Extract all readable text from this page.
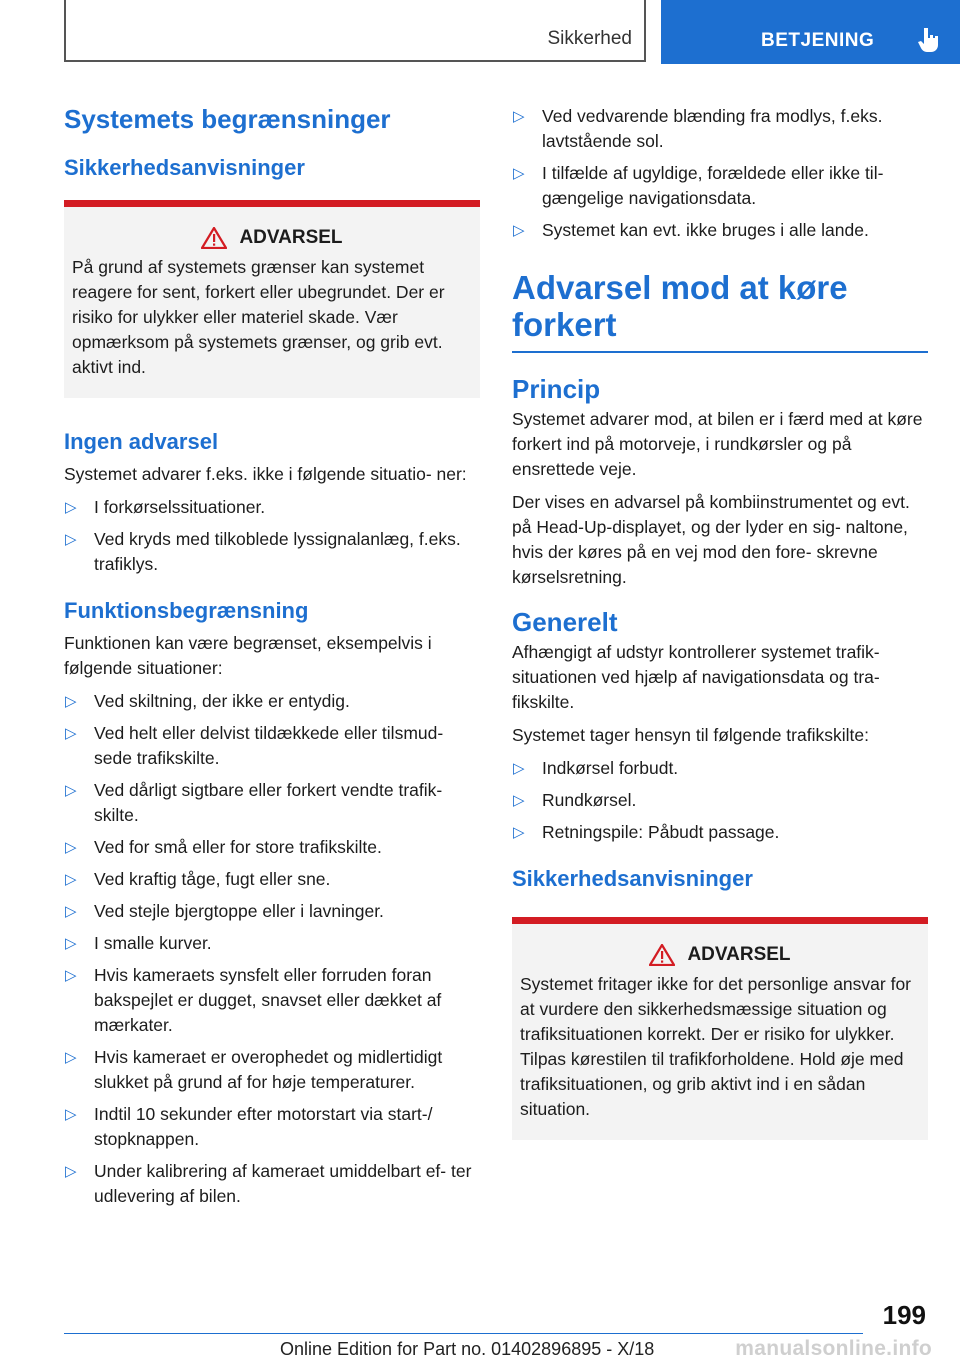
Sikkerhed	BETJENING
Systemets begrænsninger
Sikkerhedsanvisninger
ADVARSEL

På grund af systemets grænser kan systemet reagere for sent, forkert eller ubegrundet. Der er risiko for ulykker eller materiel skade. Vær opmærksom på systemets grænser, og grib evt. aktivt ind.

Ingen advarsel

Systemet advarer f.eks. ikke i følgende situatio‐ ner:

▷ I forkørselssituationer.
▷ Ved kryds med tilkoblede lyssignalanlæg, f.eks. trafiklys.
Funktionsbegrænsning

Funktionen kan være begrænset, eksempelvis i følgende situationer:

▷ Ved skiltning, der ikke er entydig.
▷ Ved helt eller delvist tildækkede eller tilsmud‐ sede trafikskilte.
▷ Ved dårligt sigtbare eller forkert vendte trafik‐ skilte.
▷ Ved for små eller for store trafikskilte.
▷ Ved kraftig tåge, fugt eller sne.
▷ Ved stejle bjergtoppe eller i lavninger.
▷ I smalle kurver.
▷ Hvis kameraets synsfelt eller forruden foran bakspejlet er dugget, snavset eller dækket af mærkater.
▷ Hvis kameraet er overophedet og midlertidigt slukket på grund af for høje temperaturer.
▷ Indtil 10 sekunder efter motorstart via start-/ stopknappen.
▷ Under kalibrering af kameraet umiddelbart ef‐ ter udlevering af bilen.
▷ Ved vedvarende blænding fra modlys, f.eks. lavtstående sol.
▷ I tilfælde af ugyldige, forældede eller ikke til‐ gængelige navigationsdata.
▷ Systemet kan evt. ikke bruges i alle lande.
Advarsel mod at køre forkert
Princip

Systemet advarer mod, at bilen er i færd med at køre forkert ind på motorveje, i rundkørsler og på ensrettede veje.

Der vises en advarsel på kombiinstrumentet og evt. på Head-Up-displayet, og der lyder en sig‐ naltone, hvis der køres på en vej mod den fore‐ skrevne kørselsretning.

Generelt

Afhængigt af udstyr kontrollerer systemet trafik‐ situationen ved hjælp af navigationsdata og tra‐ fikskilte.

Systemet tager hensyn til følgende trafikskilte:

▷ Indkørsel forbudt.
▷ Rundkørsel.
▷ Retningspile: Påbudt passage.
Sikkerhedsanvisninger
ADVARSEL

Systemet fritager ikke for det personlige ansvar for at vurdere den sikkerhedsmæssige situation og trafiksituationen korrekt. Der er risiko for ulykker. Tilpas kørestilen til trafikforholdene. Hold øje med trafiksituationen, og grib aktivt ind i en sådan situation.

199
Online Edition for Part no. 01402896895 - X/18	manualsonline.info
